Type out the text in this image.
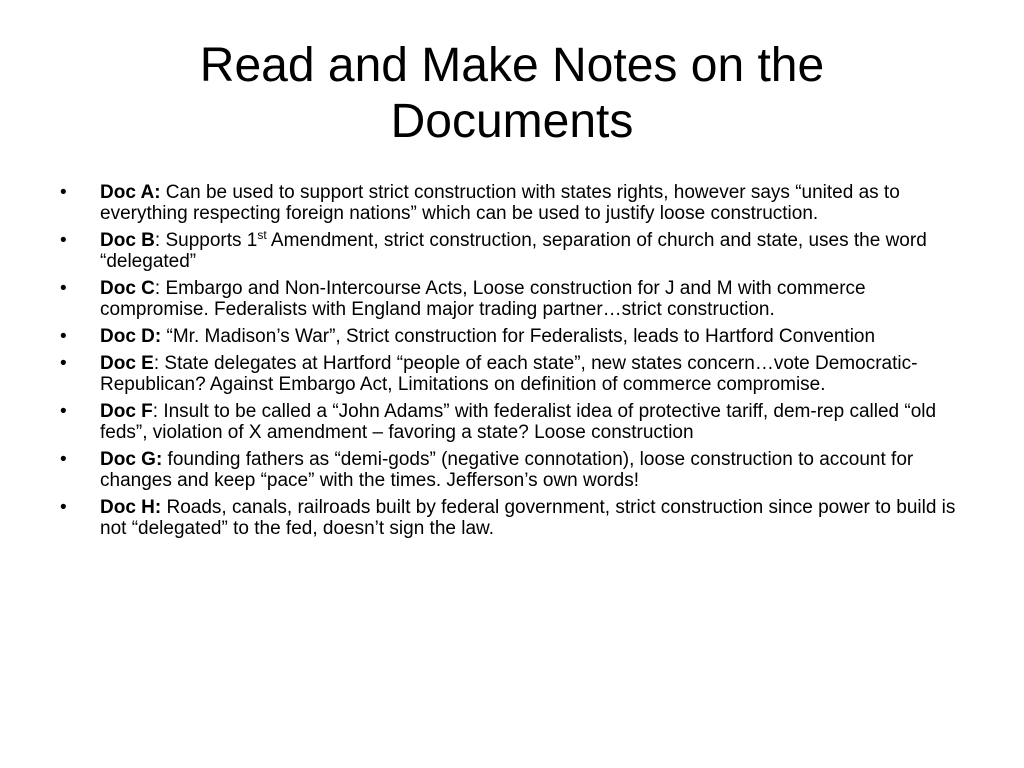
Read and Make Notes on the
Documents
• Doc A: Can be used to support strict construction with states rights, however says “united as to everything respecting foreign nations” which can be used to justify loose construction.
• Doc B: Supports 1st Amendment, strict construction, separation of church and state, uses the word “delegated”
• Doc C: Embargo and Non-Intercourse Acts, Loose construction for J and M with commerce compromise. Federalists with England major trading partner…strict construction.
• Doc D: “Mr. Madison’s War”, Strict construction for Federalists, leads to Hartford Convention
• Doc E: State delegates at Hartford “people of each state”, new states concern…vote Democratic-Republican? Against Embargo Act, Limitations on definition of commerce compromise.
• Doc F: Insult to be called a “John Adams” with federalist idea of protective tariff, dem-rep called “old feds”, violation of X amendment – favoring a state? Loose construction
• Doc G: founding fathers as “demi-gods” (negative connotation), loose construction to account for changes and keep “pace” with the times. Jefferson’s own words!
• Doc H: Roads, canals, railroads built by federal government, strict construction since power to build is not “delegated” to the fed, doesn’t sign the law.
